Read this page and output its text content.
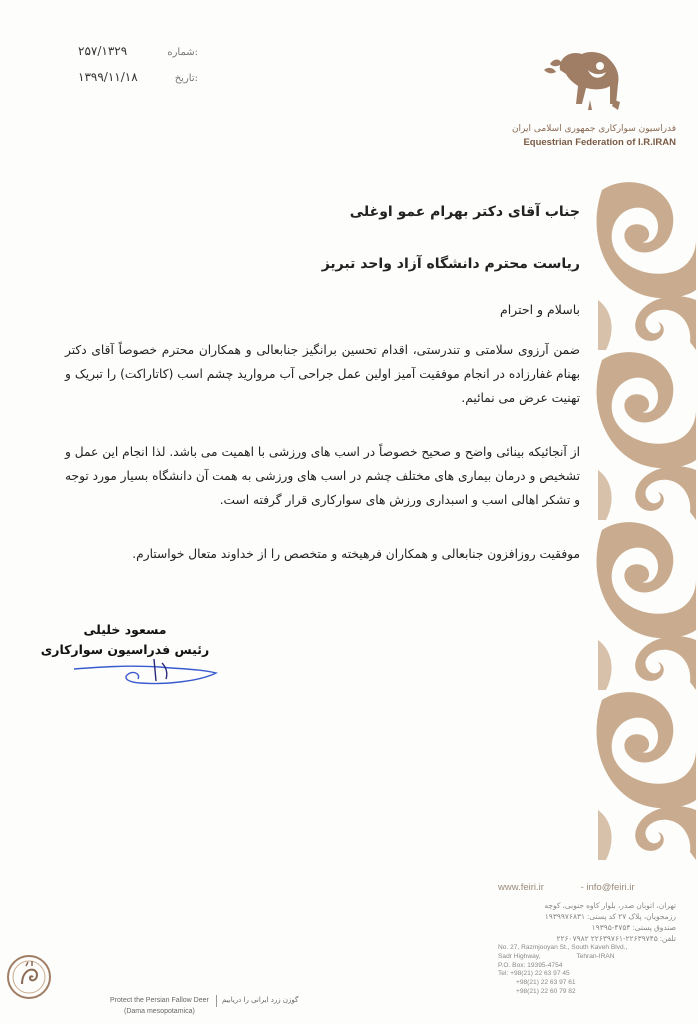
۲۵۷/۱۳۲۹	شماره:
۱۳۹۹/۱۱/۱۸	تاریخ:
فدراسیون سوارکاری جمهوری اسلامی ایران
Equestrian Federation of I.R.IRAN
جناب آقای دکتر بهرام عمو اوغلی
ریاست محترم دانشگاه آزاد واحد تبریز
باسلام و احترام
ضمن آرزوی سلامتی و تندرستی، اقدام تحسین برانگیز جنابعالی و همکاران محترم خصوصاً آقای دکتر بهنام غفارزاده در انجام موفقیت آمیز اولین عمل جراحی آب مروارید چشم اسب (کاتاراکت) را تبریک و تهنیت عرض می نمائیم.
از آنجائیکه بینائی واضح و صحیح خصوصاً در اسب های ورزشی با اهمیت می باشد. لذا انجام این عمل و تشخیص و درمان بیماری های مختلف چشم در اسب های ورزشی به همت آن دانشگاه بسیار مورد توجه و تشکر اهالی اسب و اسبداری ورزش های سوارکاری قرار گرفته است.
موفقیت روزافزون جنابعالی و همکاران فرهیخته و متخصص را از خداوند متعال خواستارم.
مسعود خلیلی
رئیس فدراسیون سوارکاری
www.feiri.ir	- info@feiri.ir
تهران، اتوبان صدر، بلوار کاوه جنوبی، کوچه
رزمجویان، پلاک ۲۷ کد پستی: ۱۹۳۹۹۷۶۸۳۱
صندوق پستی: ۴۷۵۴-۱۹۳۹۵
تلفن: ۲۲۶۳۹۷۴۵-۲۲۶۳۹۷۶۱ ۲۲۶۰۷۹۸۲
No. 27, Razmjooyan St., South Kaveh Blvd.,
Sadr Highway,	Tehran-IRAN
P.O. Box: 19395-4754
Tel: +98(21) 22 63 97 45
+98(21) 22 63 97 61
+98(21) 22 60 79 82
Protect the Persian Fallow Deer
(Dama mesopotamica)
گوزن زرد ایرانی را دریابیم
